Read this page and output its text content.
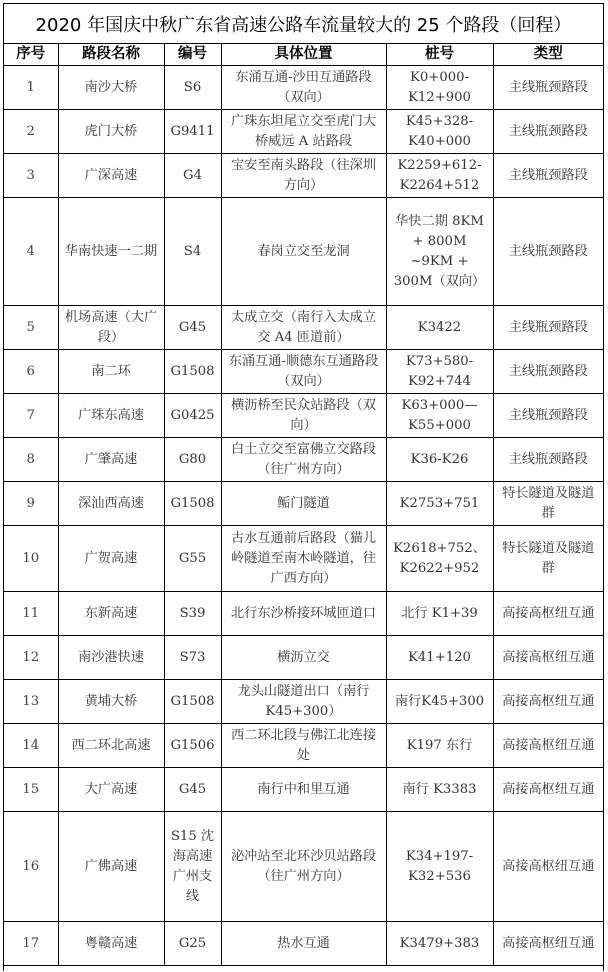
2020 年国庆中秋广东省高速公路车流量较大的 25 个路段（回程）
序号	路段名称	编号	具体位置	桩号	类型
1	南沙大桥	S6	东涌互通-沙田互通路段（双向）	K0+000-K12+900	主线瓶颈路段
2	虎门大桥	G9411	广珠东坦尾立交至虎门大桥威远 A 站路段	K45+328-K40+000	主线瓶颈路段
3	广深高速	G4	宝安至南头路段（往深圳方向）	K2259+612-K2264+512	主线瓶颈路段
4	华南快速一二期	S4	春岗立交至龙洞	华快二期 8KM + 800M ~9KM + 300M（双向）	主线瓶颈路段
5	机场高速（大广段）	G45	太成立交（南行入太成立交 A4 匝道前）	K3422	主线瓶颈路段
6	南二环	G1508	东涌互通-顺德东互通路段（双向）	K73+580-K92+744	主线瓶颈路段
7	广珠东高速	G0425	横沥桥至民众站路段（双向）	K63+000—K55+000	主线瓶颈路段
8	广肇高速	G80	白土立交至富佛立交路段（往广州方向）	K36-K26	主线瓶颈路段
9	深汕西高速	G1508	鲘门隧道	K2753+751	特长隧道及隧道群
10	广贺高速	G55	古水互通前后路段（猫儿岭隧道至南木岭隧道，往广西方向）	K2618+752、K2622+952	特长隧道及隧道群
11	东新高速	S39	北行东沙桥接环城匝道口	北行 K1+39	高接高枢纽互通
12	南沙港快速	S73	横沥立交	K41+120	高接高枢纽互通
13	黄埔大桥	G1508	龙头山隧道出口（南行 K45+300）	南行K45+300	高接高枢纽互通
14	西二环北高速	G1506	西二环北段与佛江北连接处	K197 东行	高接高枢纽互通
15	大广高速	G45	南行中和里互通	南行 K3383	高接高枢纽互通
16	广佛高速	S15 沈海高速广州支线	泌冲站至北环沙贝站路段（往广州方向）	K34+197-K32+536	高接高枢纽互通
17	粤赣高速	G25	热水互通	K3479+383	高接高枢纽互通
